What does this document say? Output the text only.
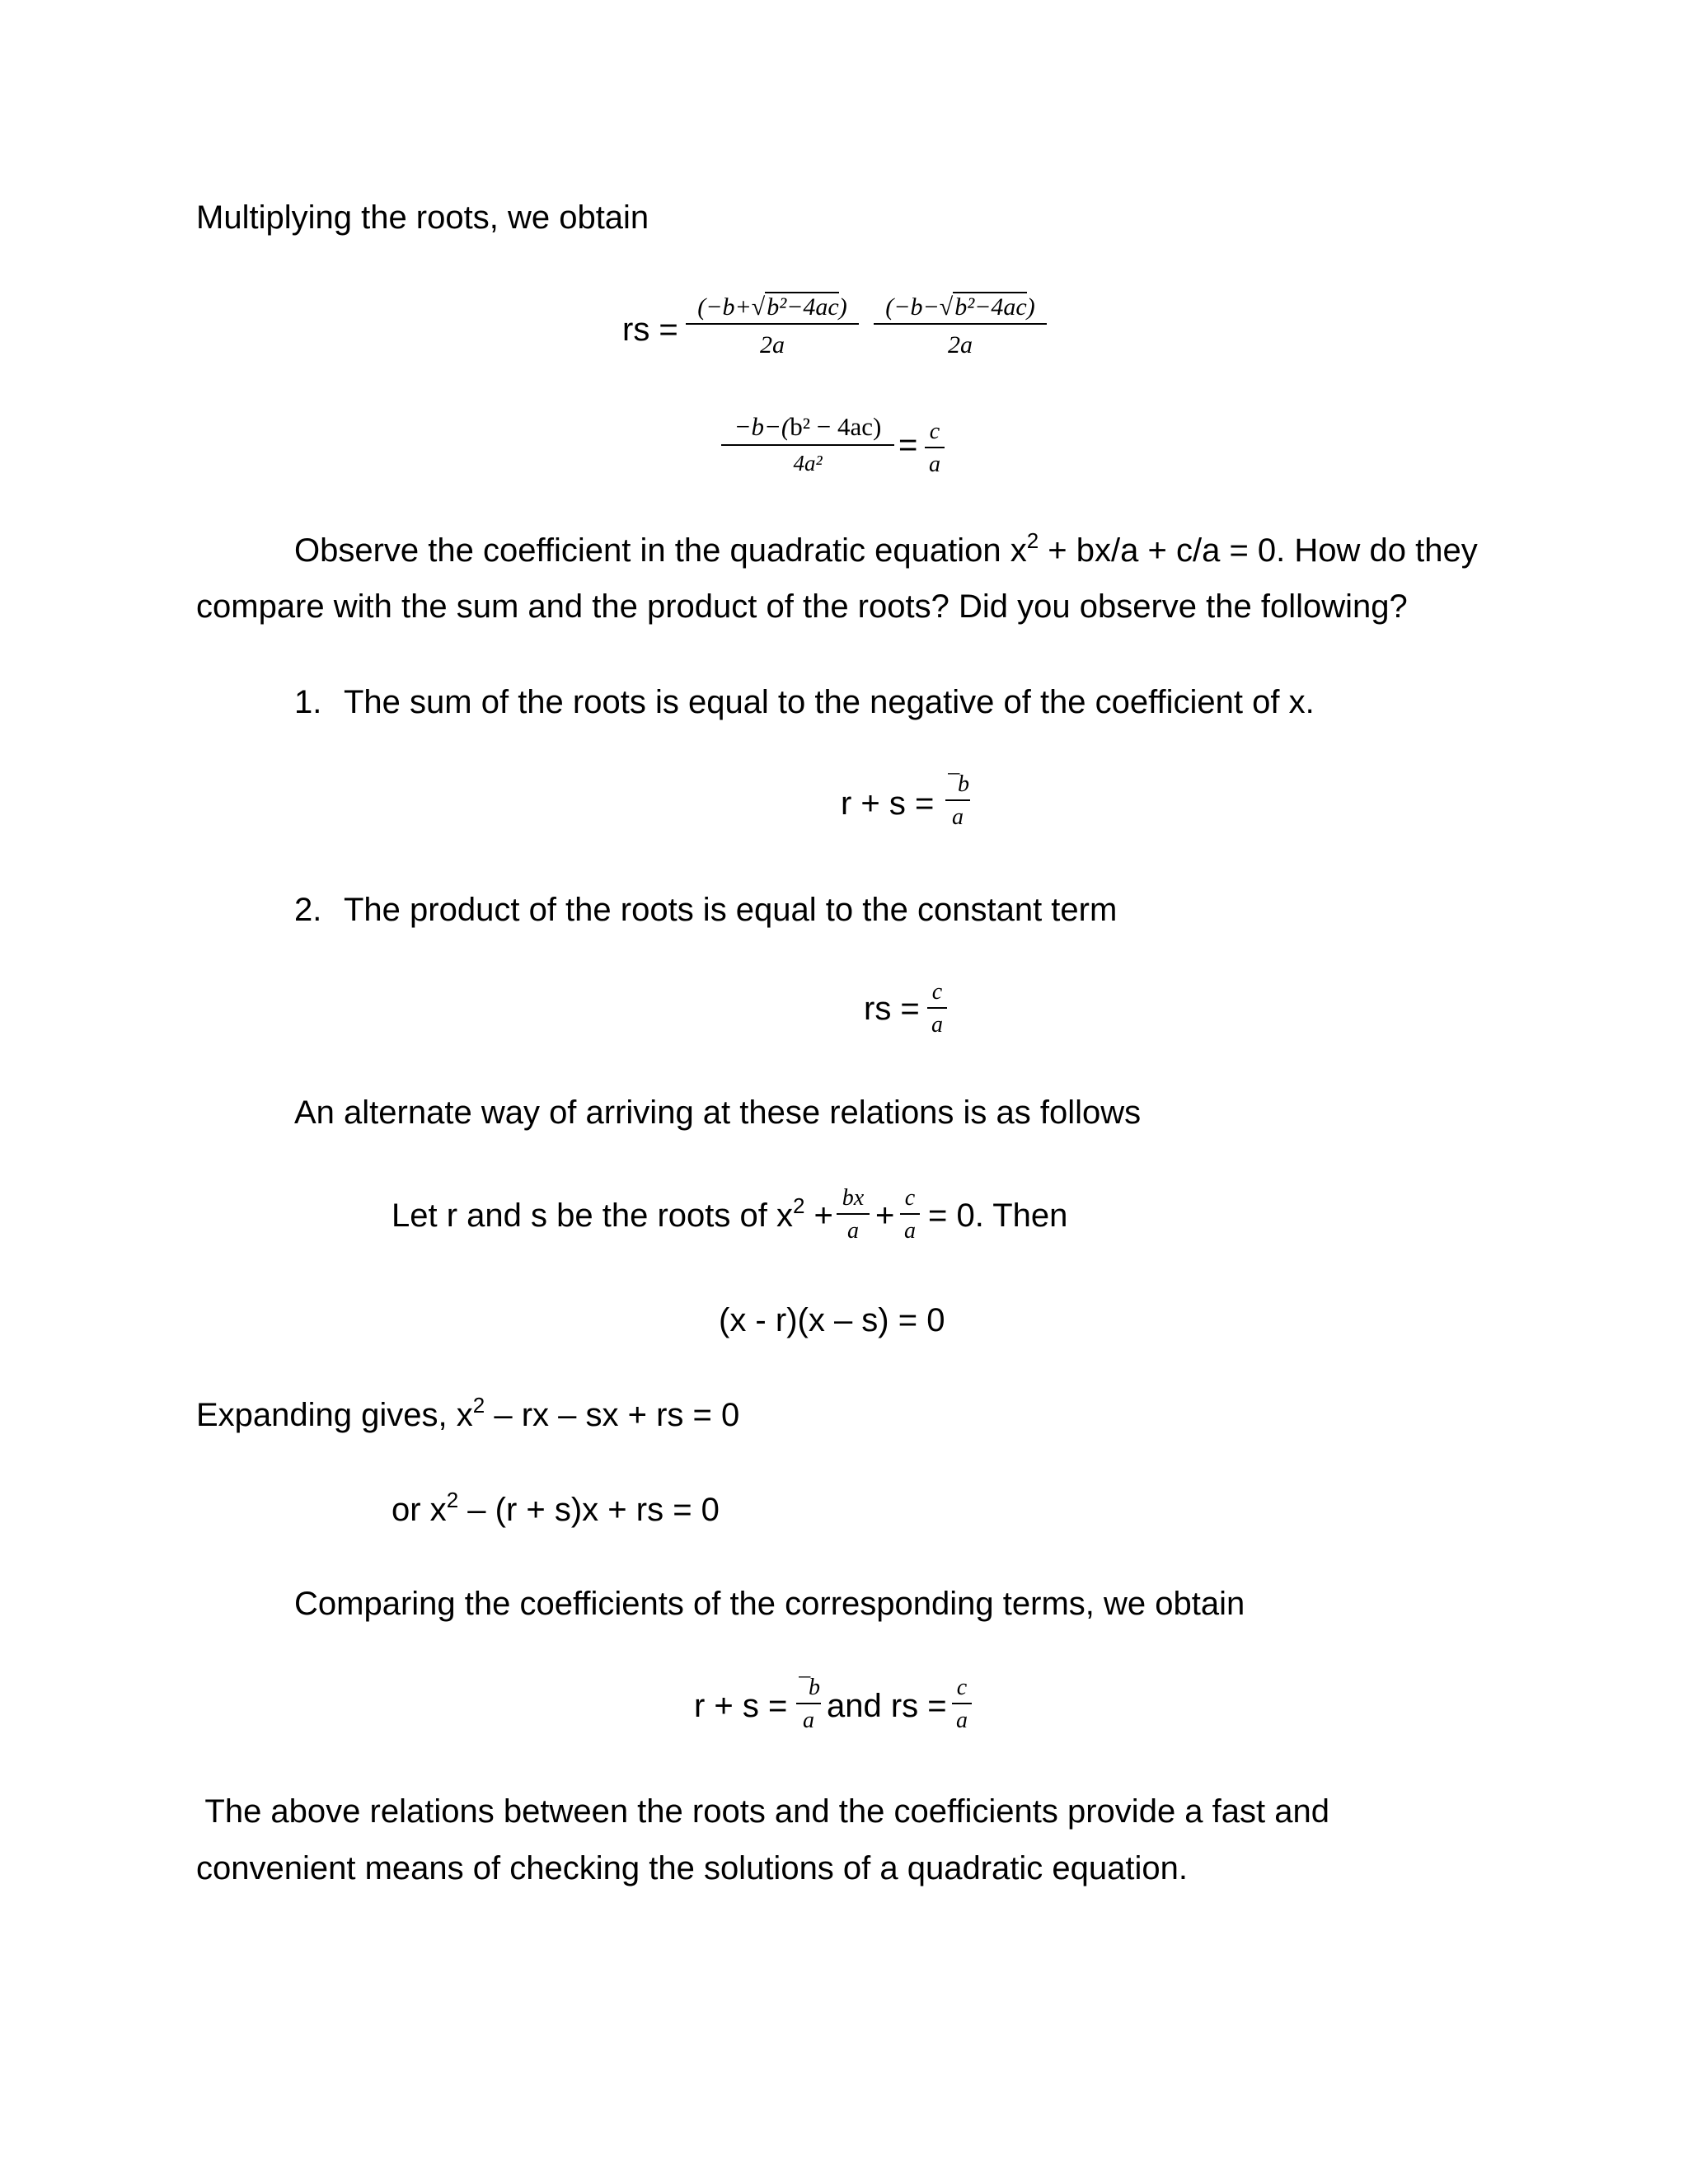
Multiplying the roots, we obtain
rs =
(−b+√b²−4ac)
2a
(−b−√b²−4ac)
2a
−b−(b² − 4ac)
4a²	= c
a
Observe the coefficient in the quadratic equation $x^2 + bx/a + c/a = 0$. How do they
compare with the sum and the product of the roots? Did you observe the following?
1. The sum of the roots is equal to the negative of the coefficient of x.
r + s =
¯b
a
2. The product of the roots is equal to the constant term
rs = c
a
An alternate way of arriving at these relations is as follows
Let r and s be the roots of $x^2$ + bx
a + c
a = 0. Then
(x - r)(x – s) = 0
Expanding gives, $x^2$ – rx – sx + rs = 0
or $x^2 - (r + s)x$ + rs = 0
Comparing the coefficients of the corresponding terms, we obtain
r + s =
¯b
a and rs =
c
a
The above relations between the roots and the coefficients provide a fast and
convenient means of checking the solutions of a quadratic equation.
